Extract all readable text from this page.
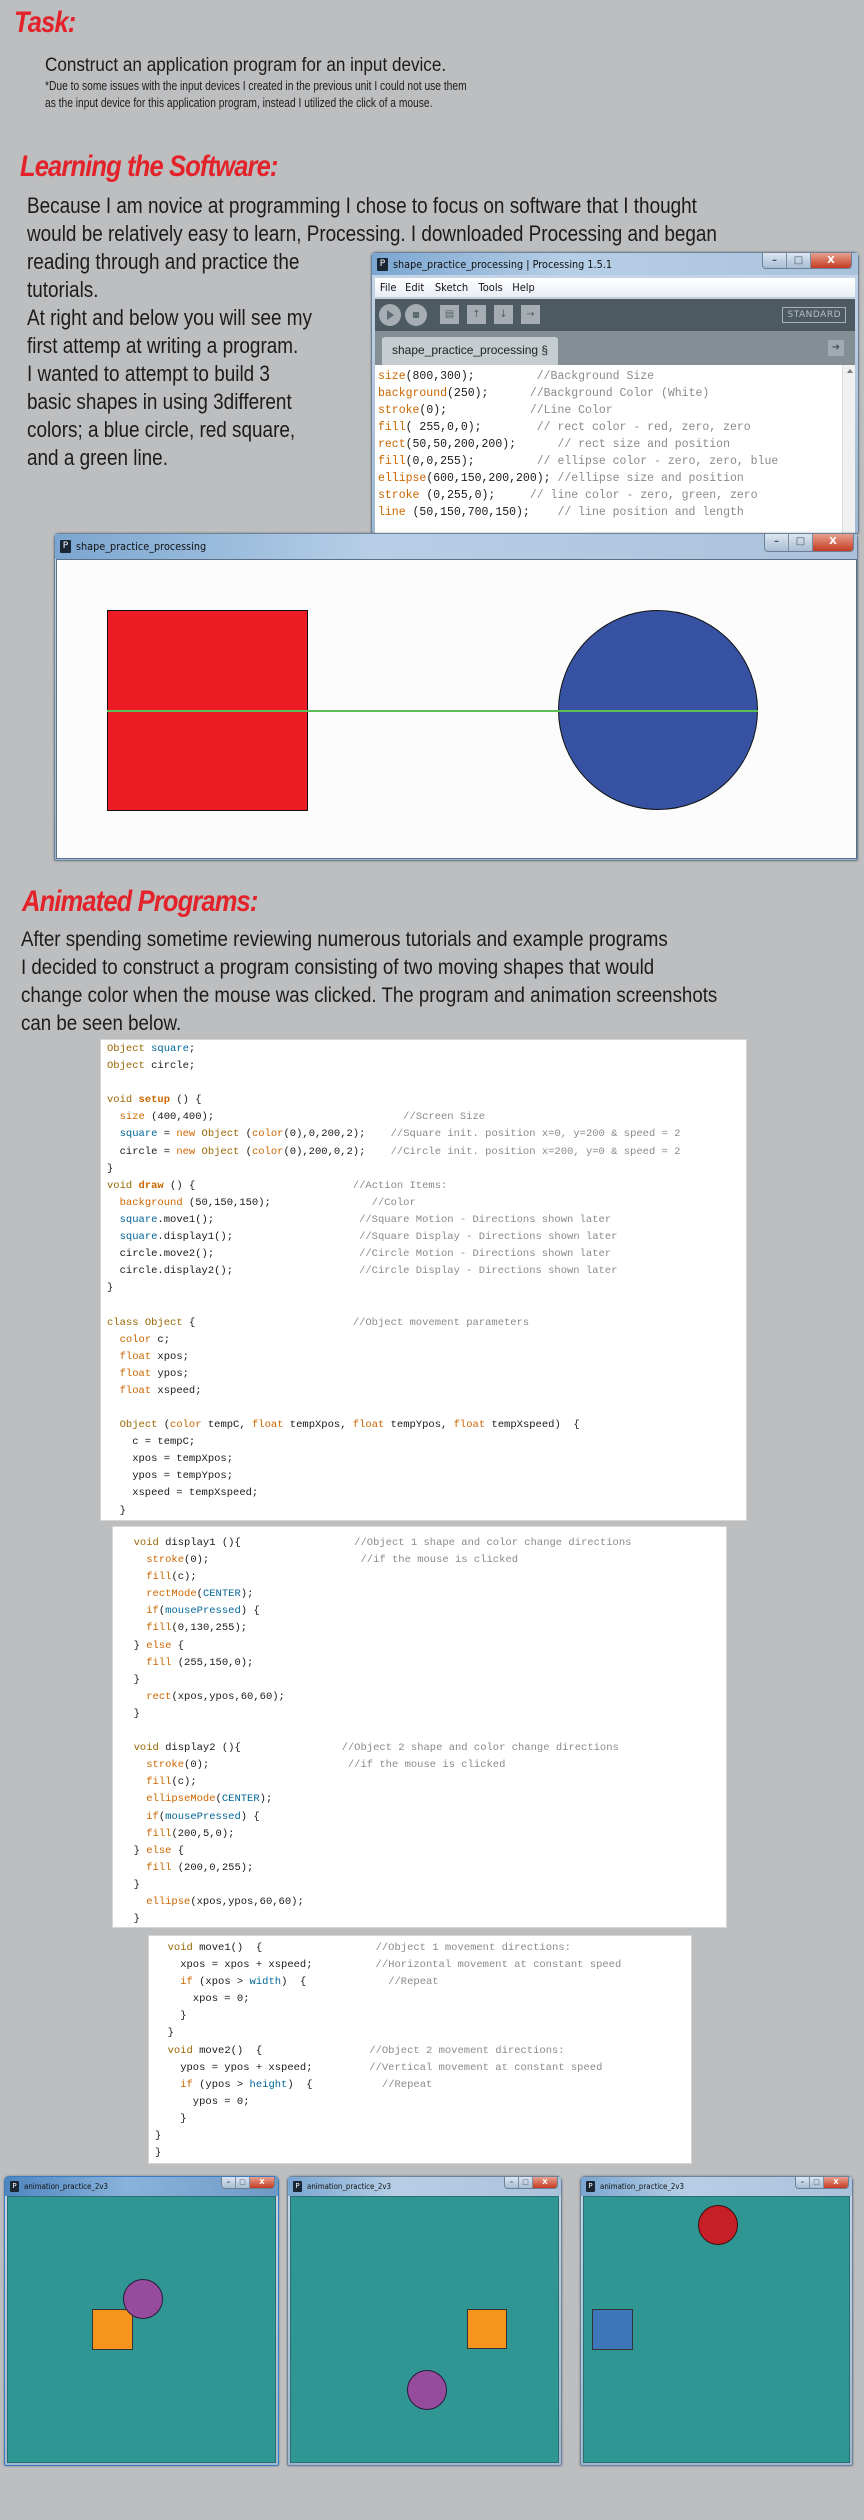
Task:
Construct an application program for an input device.
*Due to some issues with the input devices I created in the previous unit I could not use them
as the input device for this application program, instead I utilized the click of a mouse.
Learning the Software:
Because I am novice at programming I chose to focus on software that I thought
would be relatively easy to learn, Processing. I downloaded Processing and began
reading through and practice the
tutorials.
At right and below you will see my
first attemp at writing a program.
I wanted to attempt to build 3
basic shapes in using 3different
colors; a blue circle, red square,
and a green line.
P shape_practice_processing | Processing 1.5.1	–	□	X
File Edit Sketch Tools Help
▤	↑	↓	→	STANDARD
shape_practice_processing §	➜
size(800,300);         //Background Size
background(250);      //Background Color (White)
stroke(0);            //Line Color
fill( 255,0,0);        // rect color - red, zero, zero
rect(50,50,200,200);      // rect size and position
fill(0,0,255);         // ellipse color - zero, zero, blue
ellipse(600,150,200,200); //ellipse size and position
stroke (0,255,0);     // line color - zero, green, zero
line (50,150,700,150);    // line position and length
P shape_practice_processing	–	□	X
Animated Programs:
After spending sometime reviewing numerous tutorials and example programs
I decided to construct a program consisting of two moving shapes that would
change color when the mouse was clicked. The program and animation screenshots
can be seen below.
Object square;
Object circle;

void setup () {
size (400,400);	//Screen Size
square = new Object (color(0),0,200,2); //Square init. position x=0, y=200 & speed = 2
circle = new Object (color(0),200,0,2); //Circle init. position x=200, y=0 & speed = 2
}
void draw () {	//Action Items:
background (50,150,150);	//Color
square.move1();	//Square Motion - Directions shown later
square.display1();	//Square Display - Directions shown later
circle.move2();	//Circle Motion - Directions shown later
circle.display2();	//Circle Display - Directions shown later
}

class Object {	//Object movement parameters
color c;
float xpos;
float ypos;
float xspeed;

Object (color tempC, float tempXpos, float tempYpos, float tempXspeed)  {
c = tempC;
xpos = tempXpos;
ypos = tempYpos;
xspeed = tempXspeed;
}
void display1 (){	//Object 1 shape and color change directions
stroke(0);	//if the mouse is clicked
fill(c);
rectMode(CENTER);
if(mousePressed) {
fill(0,130,255);
} else {
fill (255,150,0);
}
rect(xpos,ypos,60,60);
}

void display2 (){	//Object 2 shape and color change directions
stroke(0);	//if the mouse is clicked
fill(c);
ellipseMode(CENTER);
if(mousePressed) {
fill(200,5,0);
} else {
fill (200,0,255);
}
ellipse(xpos,ypos,60,60);
}
void move1()  {	//Object 1 movement directions:
xpos = xpos + xspeed;	//Horizontal movement at constant speed
if (xpos > width)  {	//Repeat
xpos = 0;
}
}
void move2()  {	//Object 2 movement directions:
ypos = ypos + xspeed;	//Vertical movement at constant speed
if (ypos > height)  {	//Repeat
ypos = 0;
}
}
}
P animation_practice_2v3	–	□	X	P animation_practice_2v3	–	□	X	P animation_practice_2v3	–	□	X
